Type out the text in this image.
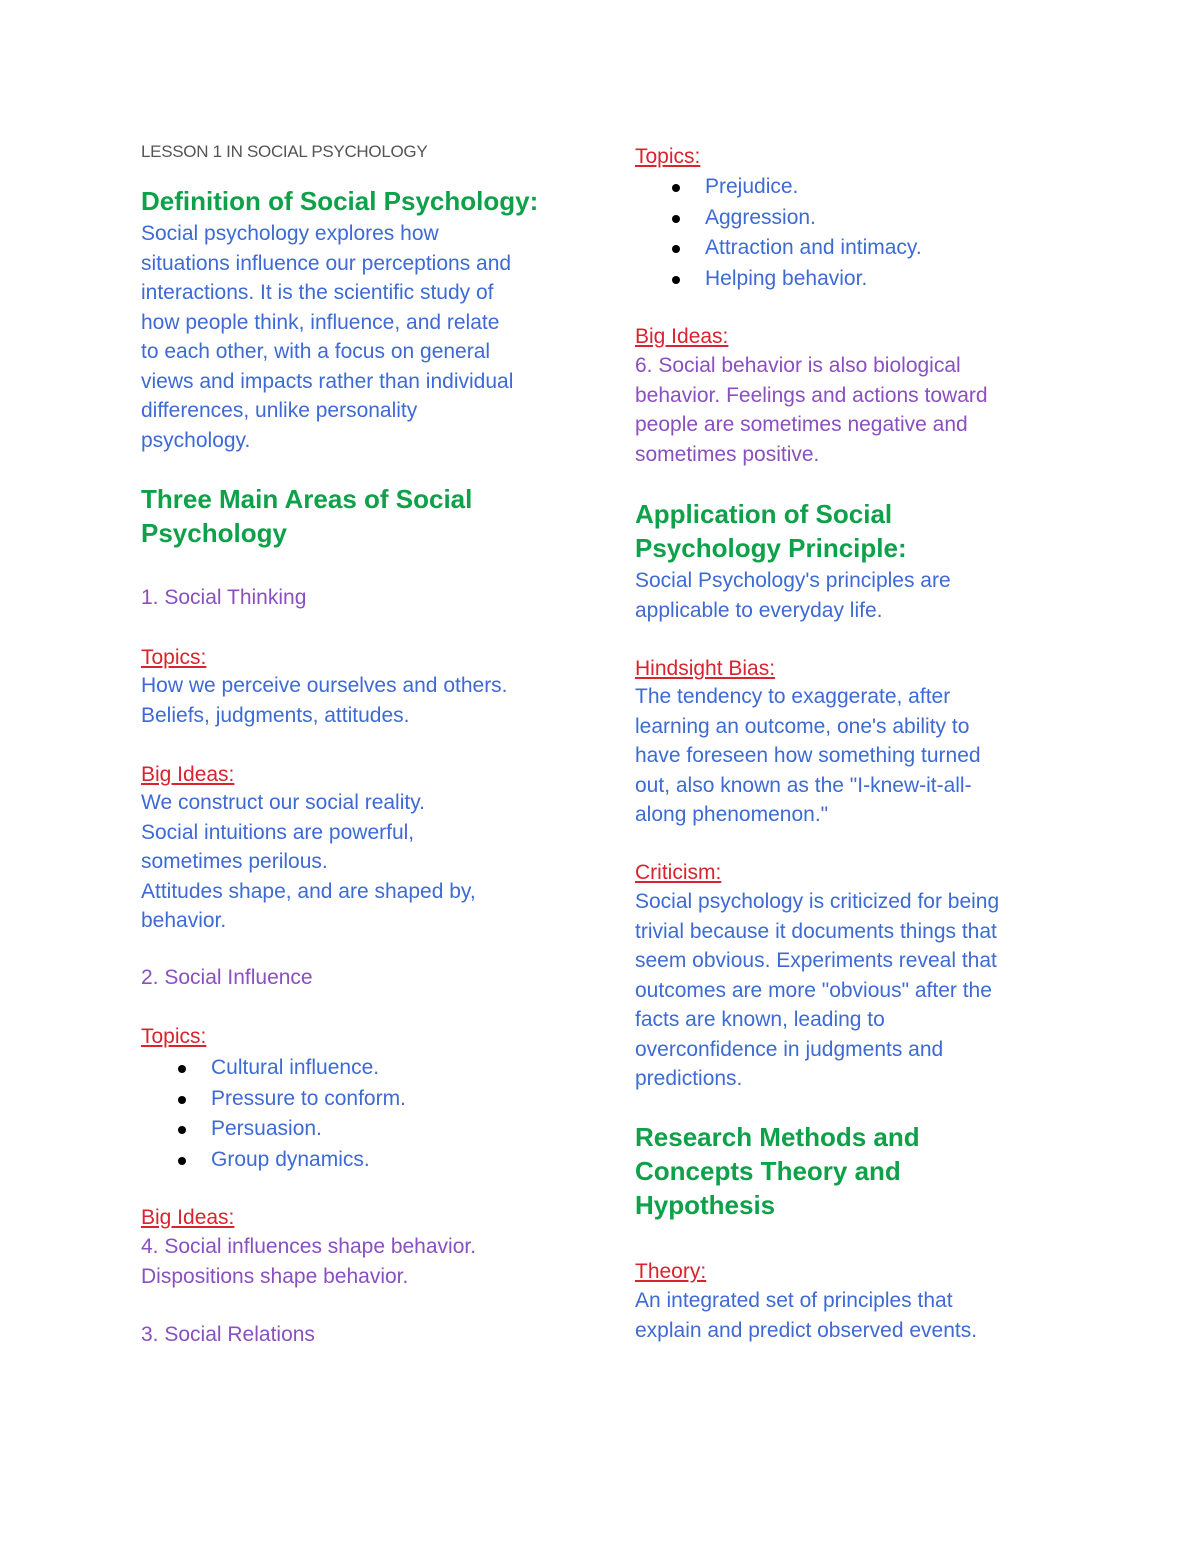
LESSON 1 IN SOCIAL PSYCHOLOGY
Definition of Social Psychology:
Social psychology explores how
situations influence our perceptions and
interactions. It is the scientific study of
how people think, influence, and relate
to each other, with a focus on general
views and impacts rather than individual
differences, unlike personality
psychology.
Three Main Areas of Social
Psychology
1. Social Thinking
Topics:
How we perceive ourselves and others.
Beliefs, judgments, attitudes.
Big Ideas:
We construct our social reality.
Social intuitions are powerful,
sometimes perilous.
Attitudes shape, and are shaped by,
behavior.
2. Social Influence
Topics:
Cultural influence.
Pressure to conform.
Persuasion.
Group dynamics.
Big Ideas:
4. Social influences shape behavior.
Dispositions shape behavior.
3. Social Relations
Topics:
Prejudice.
Aggression.
Attraction and intimacy.
Helping behavior.
Big Ideas:
6. Social behavior is also biological
behavior. Feelings and actions toward
people are sometimes negative and
sometimes positive.
Application of Social
Psychology Principle:
Social Psychology's principles are
applicable to everyday life.
Hindsight Bias:
The tendency to exaggerate, after
learning an outcome, one's ability to
have foreseen how something turned
out, also known as the "I-knew-it-all-
along phenomenon."
Criticism:
Social psychology is criticized for being
trivial because it documents things that
seem obvious. Experiments reveal that
outcomes are more "obvious" after the
facts are known, leading to
overconfidence in judgments and
predictions.
Research Methods and
Concepts Theory and
Hypothesis
Theory:
An integrated set of principles that
explain and predict observed events.
